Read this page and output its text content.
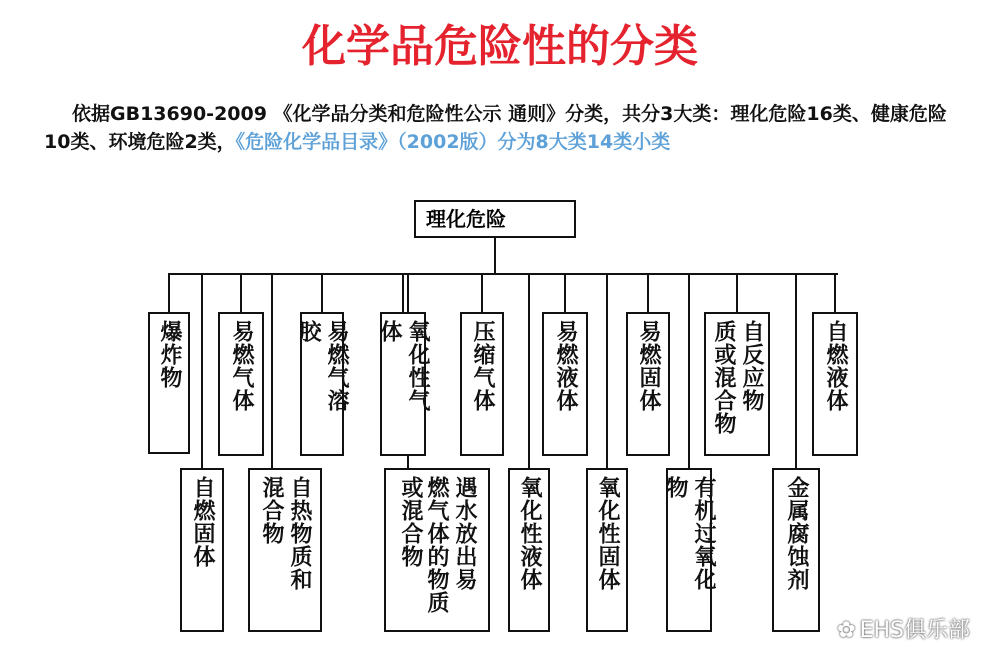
化学品危险性的分类
依据GB13690-2009 《化学品分类和危险性公示 通则》分类，共分3大类：理化危险16类、健康危险10类、环境危险2类，《危险化学品目录》（2002版）分为8大类14类小类
理化危险
爆炸物 易燃气体	易燃气溶
胶	氧化性气
体	压缩气体	易燃液体	易燃固体	自反应物
质或混合物	自燃液体
自燃固体	自热物质和
混合物	遇水放出易
燃气体的物质或混合物	氧化性液体 氧化性固体	有机过氧化
物	金属腐蚀剂
✿ EHS俱乐部
